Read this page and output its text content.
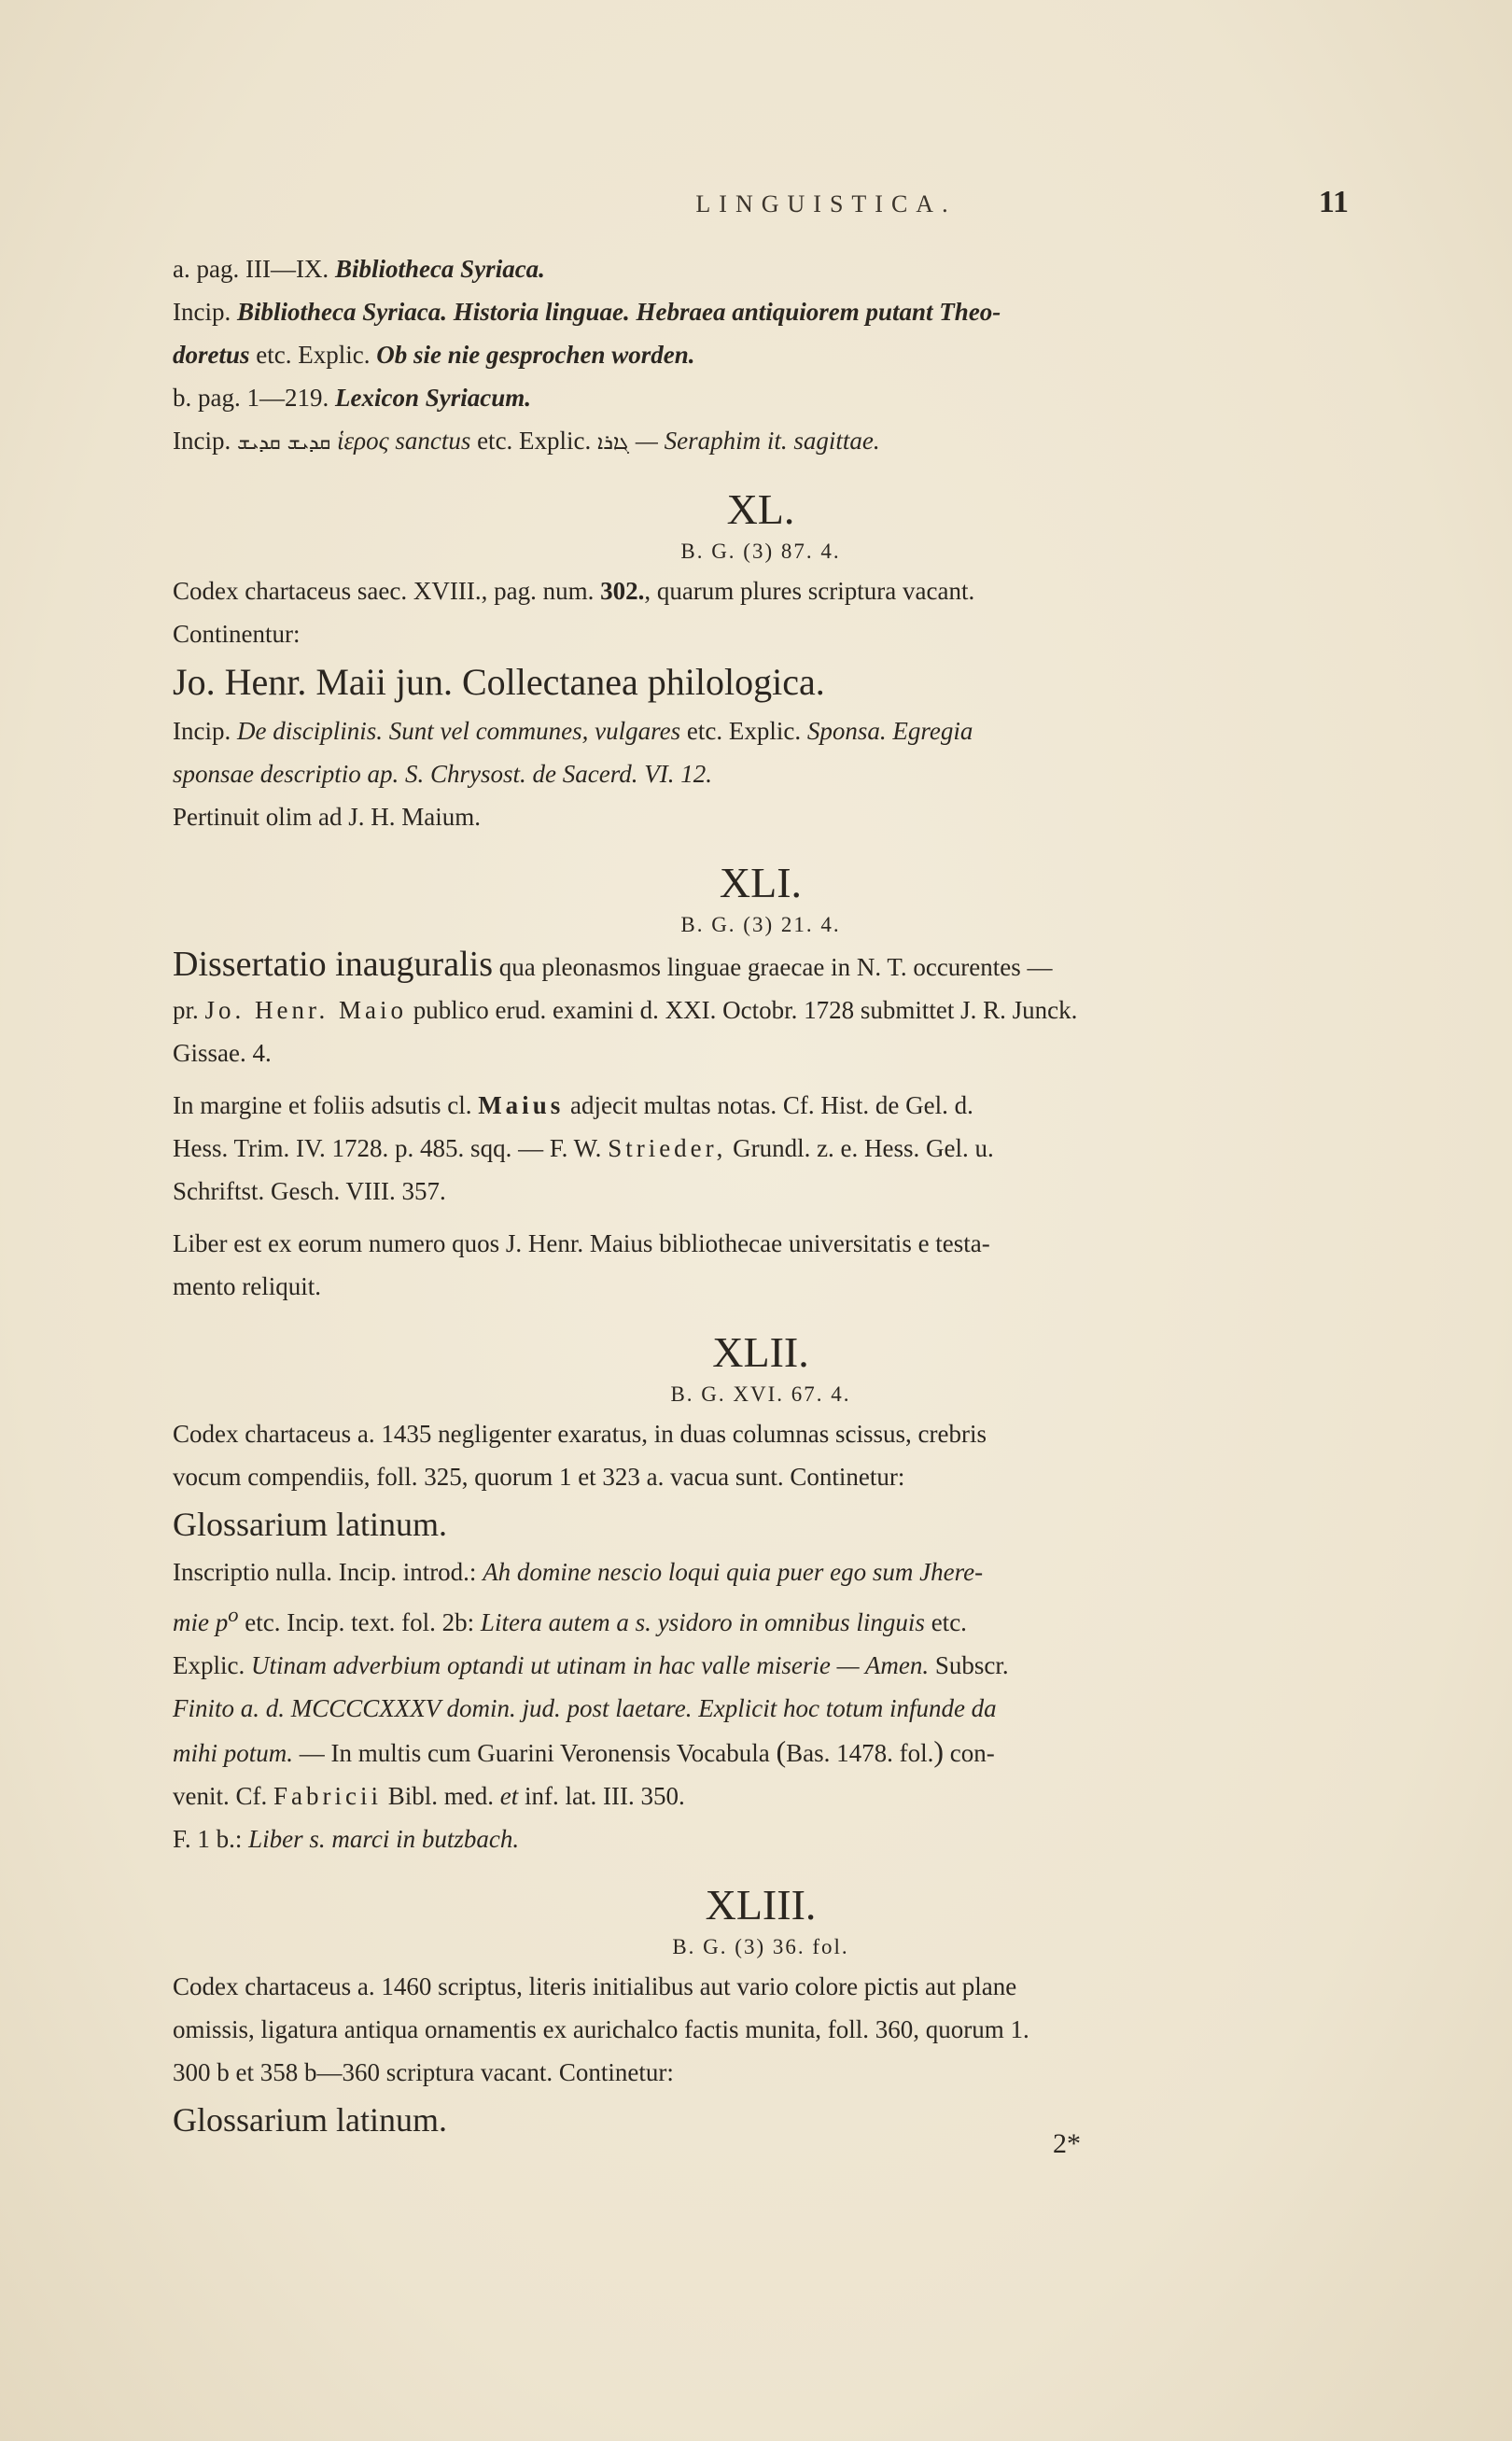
LINGUISTICA.	11

a. pag. III—IX. Bibliotheca Syriaca.

Incip. Bibliotheca Syriaca. Historia linguae. Hebraea antiquiorem putant Theo-
doretus etc. Explic. Ob sie nie gesprochen worden.

b. pag. 1—219. Lexicon Syriacum.

Incip. ܩܕܝܫ ܩܕܝܫ ἱερος sanctus etc. Explic. ܓܐܪܐ — Seraphim it. sagittae.

XL.
B. G. (3) 87. 4.

Codex chartaceus saec. XVIII., pag. num. 302., quarum plures scriptura vacant.
Continentur:

Jo. Henr. Maii jun. Collectanea philologica.

Incip. De disciplinis. Sunt vel communes, vulgares etc. Explic. Sponsa. Egregia
sponsae descriptio ap. S. Chrysost. de Sacerd. VI. 12.

Pertinuit olim ad J. H. Maium.

XLI.
B. G. (3) 21. 4.

Dissertatio inauguralis qua pleonasmos linguae graecae in N. T. occurentes —
pr. Jo. Henr. Maio publico erud. examini d. XXI. Octobr. 1728 submittet J. R. Junck.
Gissae. 4.

In margine et foliis adsutis cl. Maius adjecit multas notas. Cf. Hist. de Gel. d.
Hess. Trim. IV. 1728. p. 485. sqq. — F. W. Strieder, Grundl. z. e. Hess. Gel. u.
Schriftst. Gesch. VIII. 357.

Liber est ex eorum numero quos J. Henr. Maius bibliothecae universitatis e testa-
mento reliquit.

XLII.
B. G. XVI. 67. 4.

Codex chartaceus a. 1435 negligenter exaratus, in duas columnas scissus, crebris
vocum compendiis, foll. 325, quorum 1 et 323 a. vacua sunt. Continetur:

Glossarium latinum.

Inscriptio nulla. Incip. introd.: Ah domine nescio loqui quia puer ego sum Jhere-
mie $p^o$ etc. Incip. text. fol. 2b: Litera autem a s. ysidoro in omnibus linguis etc.
Explic. Utinam adverbium optandi ut utinam in hac valle miserie — Amen. Subscr.
Finito a. d. MCCCCXXXV domin. jud. post laetare. Explicit hoc totum infunde da
mihi potum. — In multis cum Guarini Veronensis Vocabula (Bas. 1478. fol.) con-
venit. Cf. Fabricii Bibl. med. et inf. lat. III. 350.

F. 1 b.: Liber s. marci in butzbach.

XLIII.
B. G. (3) 36. fol.

Codex chartaceus a. 1460 scriptus, literis initialibus aut vario colore pictis aut plane
omissis, ligatura antiqua ornamentis ex aurichalco factis munita, foll. 360, quorum 1.
300 b et 358 b—360 scriptura vacant. Continetur:

Glossarium latinum.
2*
